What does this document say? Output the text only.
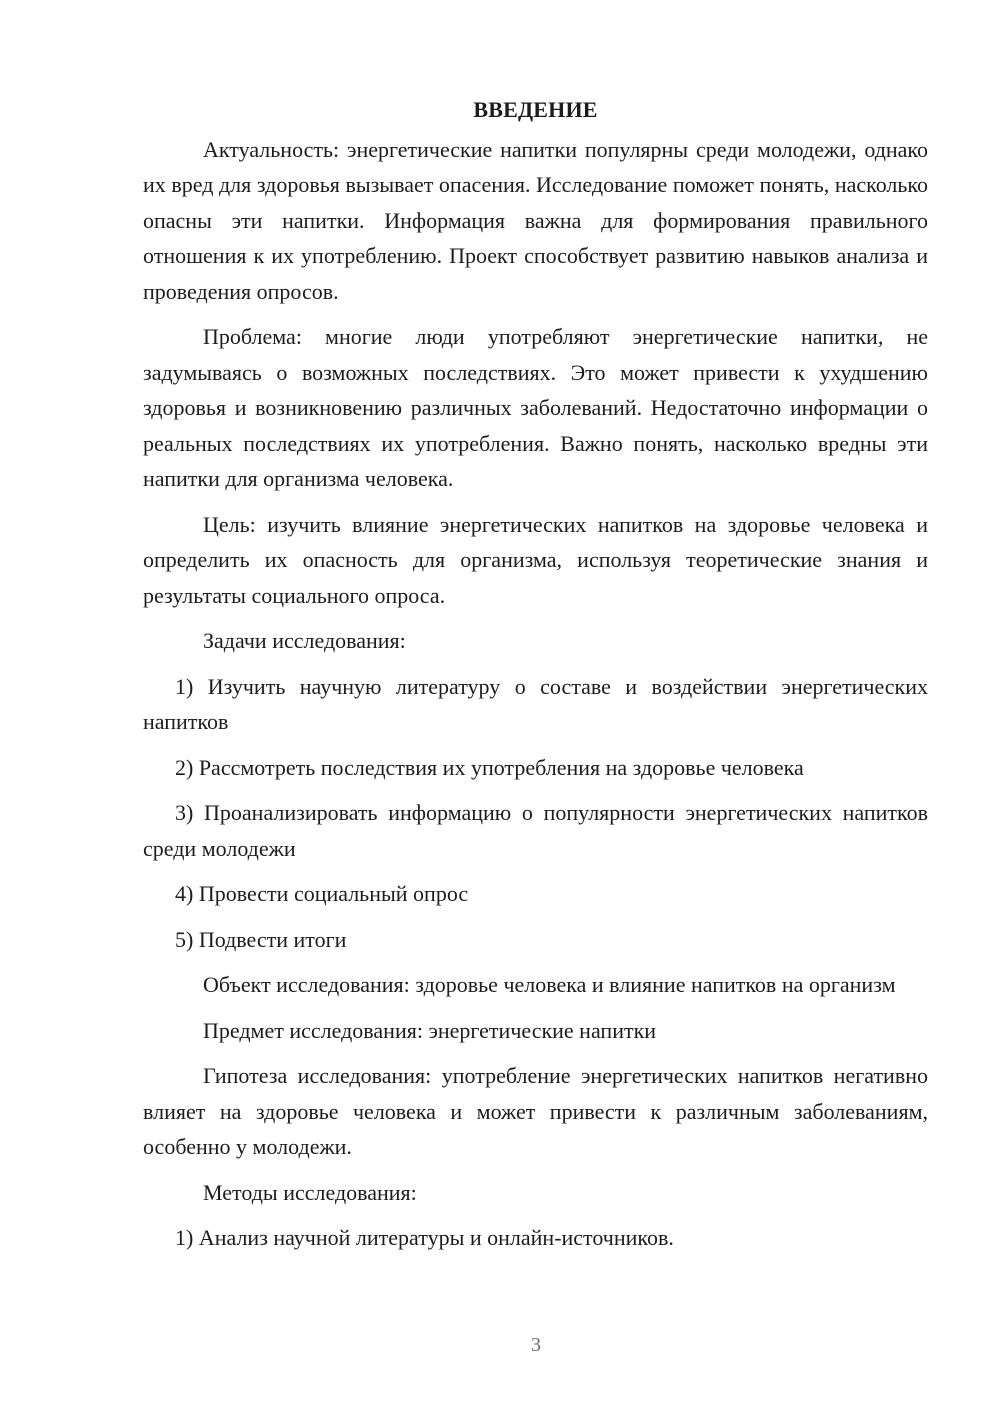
ВВЕДЕНИЕ

Актуальность: энергетические напитки популярны среди молодежи, однако их вред для здоровья вызывает опасения. Исследование поможет понять, насколько опасны эти напитки. Информация важна для формирования правильного отношения к их употреблению. Проект способствует развитию навыков анализа и проведения опросов.

Проблема: многие люди употребляют энергетические напитки, не задумываясь о возможных последствиях. Это может привести к ухудшению здоровья и возникновению различных заболеваний. Недостаточно информации о реальных последствиях их употребления. Важно понять, насколько вредны эти напитки для организма человека.

Цель: изучить влияние энергетических напитков на здоровье человека и определить их опасность для организма, используя теоретические знания и результаты социального опроса.

Задачи исследования:

1) Изучить научную литературу о составе и воздействии энергетических напитков

2) Рассмотреть последствия их употребления на здоровье человека

3) Проанализировать информацию о популярности энергетических напитков среди молодежи

4) Провести социальный опрос

5) Подвести итоги

Объект исследования: здоровье человека и влияние напитков на организм

Предмет исследования: энергетические напитки

Гипотеза исследования: употребление энергетических напитков негативно влияет на здоровье человека и может привести к различным заболеваниям, особенно у молодежи.

Методы исследования:

1) Анализ научной литературы и онлайн-источников.

3
